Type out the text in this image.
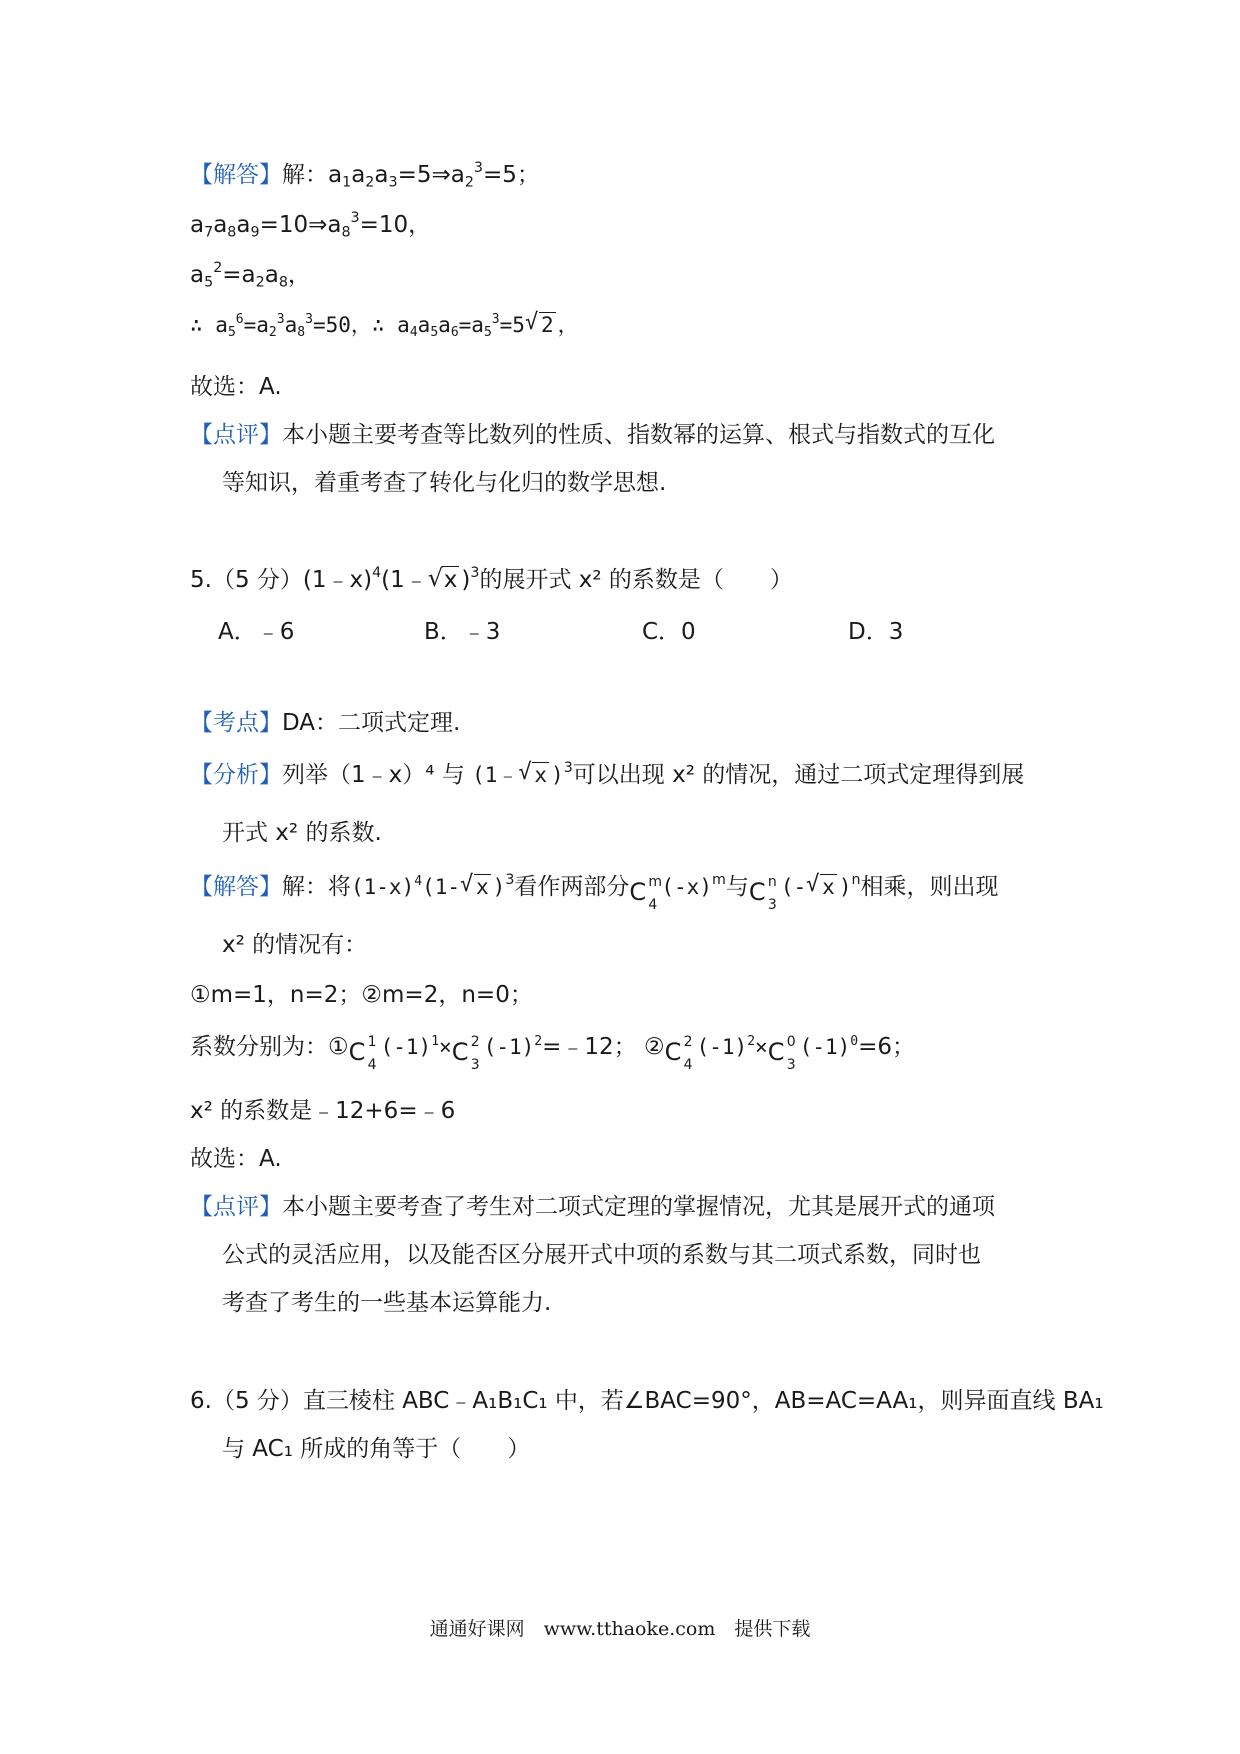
【解答】解：$a_1a_2a_3=5\Rightarrow a_2^3=5$；
$a_7a_8a_9=10\Rightarrow a_8^3=10$，
$a_5^2=a_2a_8$，
∴ $a_5^6=a_2^3a_8^3=50$，∴ $a_4a_5a_6=a_5^3=5√$ 2 ，
故选：A.
【点评】本小题主要考查等比数列的性质、指数幂的运算、根式与指数式的互化
等知识，着重考查了转化与化归的数学思想.
5.（5 分）(1﹣x)$^4$(1﹣√ x )$^3$的展开式 x² 的系数是（　　）
A．﹣6	B．﹣3	C．0	D．3
【考点】DA：二项式定理.
【分析】列举（1﹣x）⁴ 与 (1﹣√ x )$^3$可以出现 x² 的情况，通过二项式定理得到展
开式 x² 的系数.
【解答】解：将$(1-x)^4(1-√$ x )$^3$看作两部分 C m
4
$(-x)^m$与 C n
3
(-√ x )$^n$相乘，则出现
x² 的情况有：
①m=1，n=2；②m=2，n=0；
系数分别为：① C 1
4
$(-1)^1\times C$ 2
3
$(-1)^2=﹣12$； ② C 2
4
$(-1)^2\times C$ 0
3
$(-1)^0=6$；
x² 的系数是﹣12+6=﹣6
故选：A.
【点评】本小题主要考查了考生对二项式定理的掌握情况，尤其是展开式的通项
公式的灵活应用，以及能否区分展开式中项的系数与其二项式系数，同时也
考查了考生的一些基本运算能力.
6.（5 分）直三棱柱 ABC﹣A₁B₁C₁ 中，若∠BAC=90°，AB=AC=AA₁，则异面直线 BA₁
与 AC₁ 所成的角等于（　　）
通通好课网　www.tthaoke.com　提供下载
